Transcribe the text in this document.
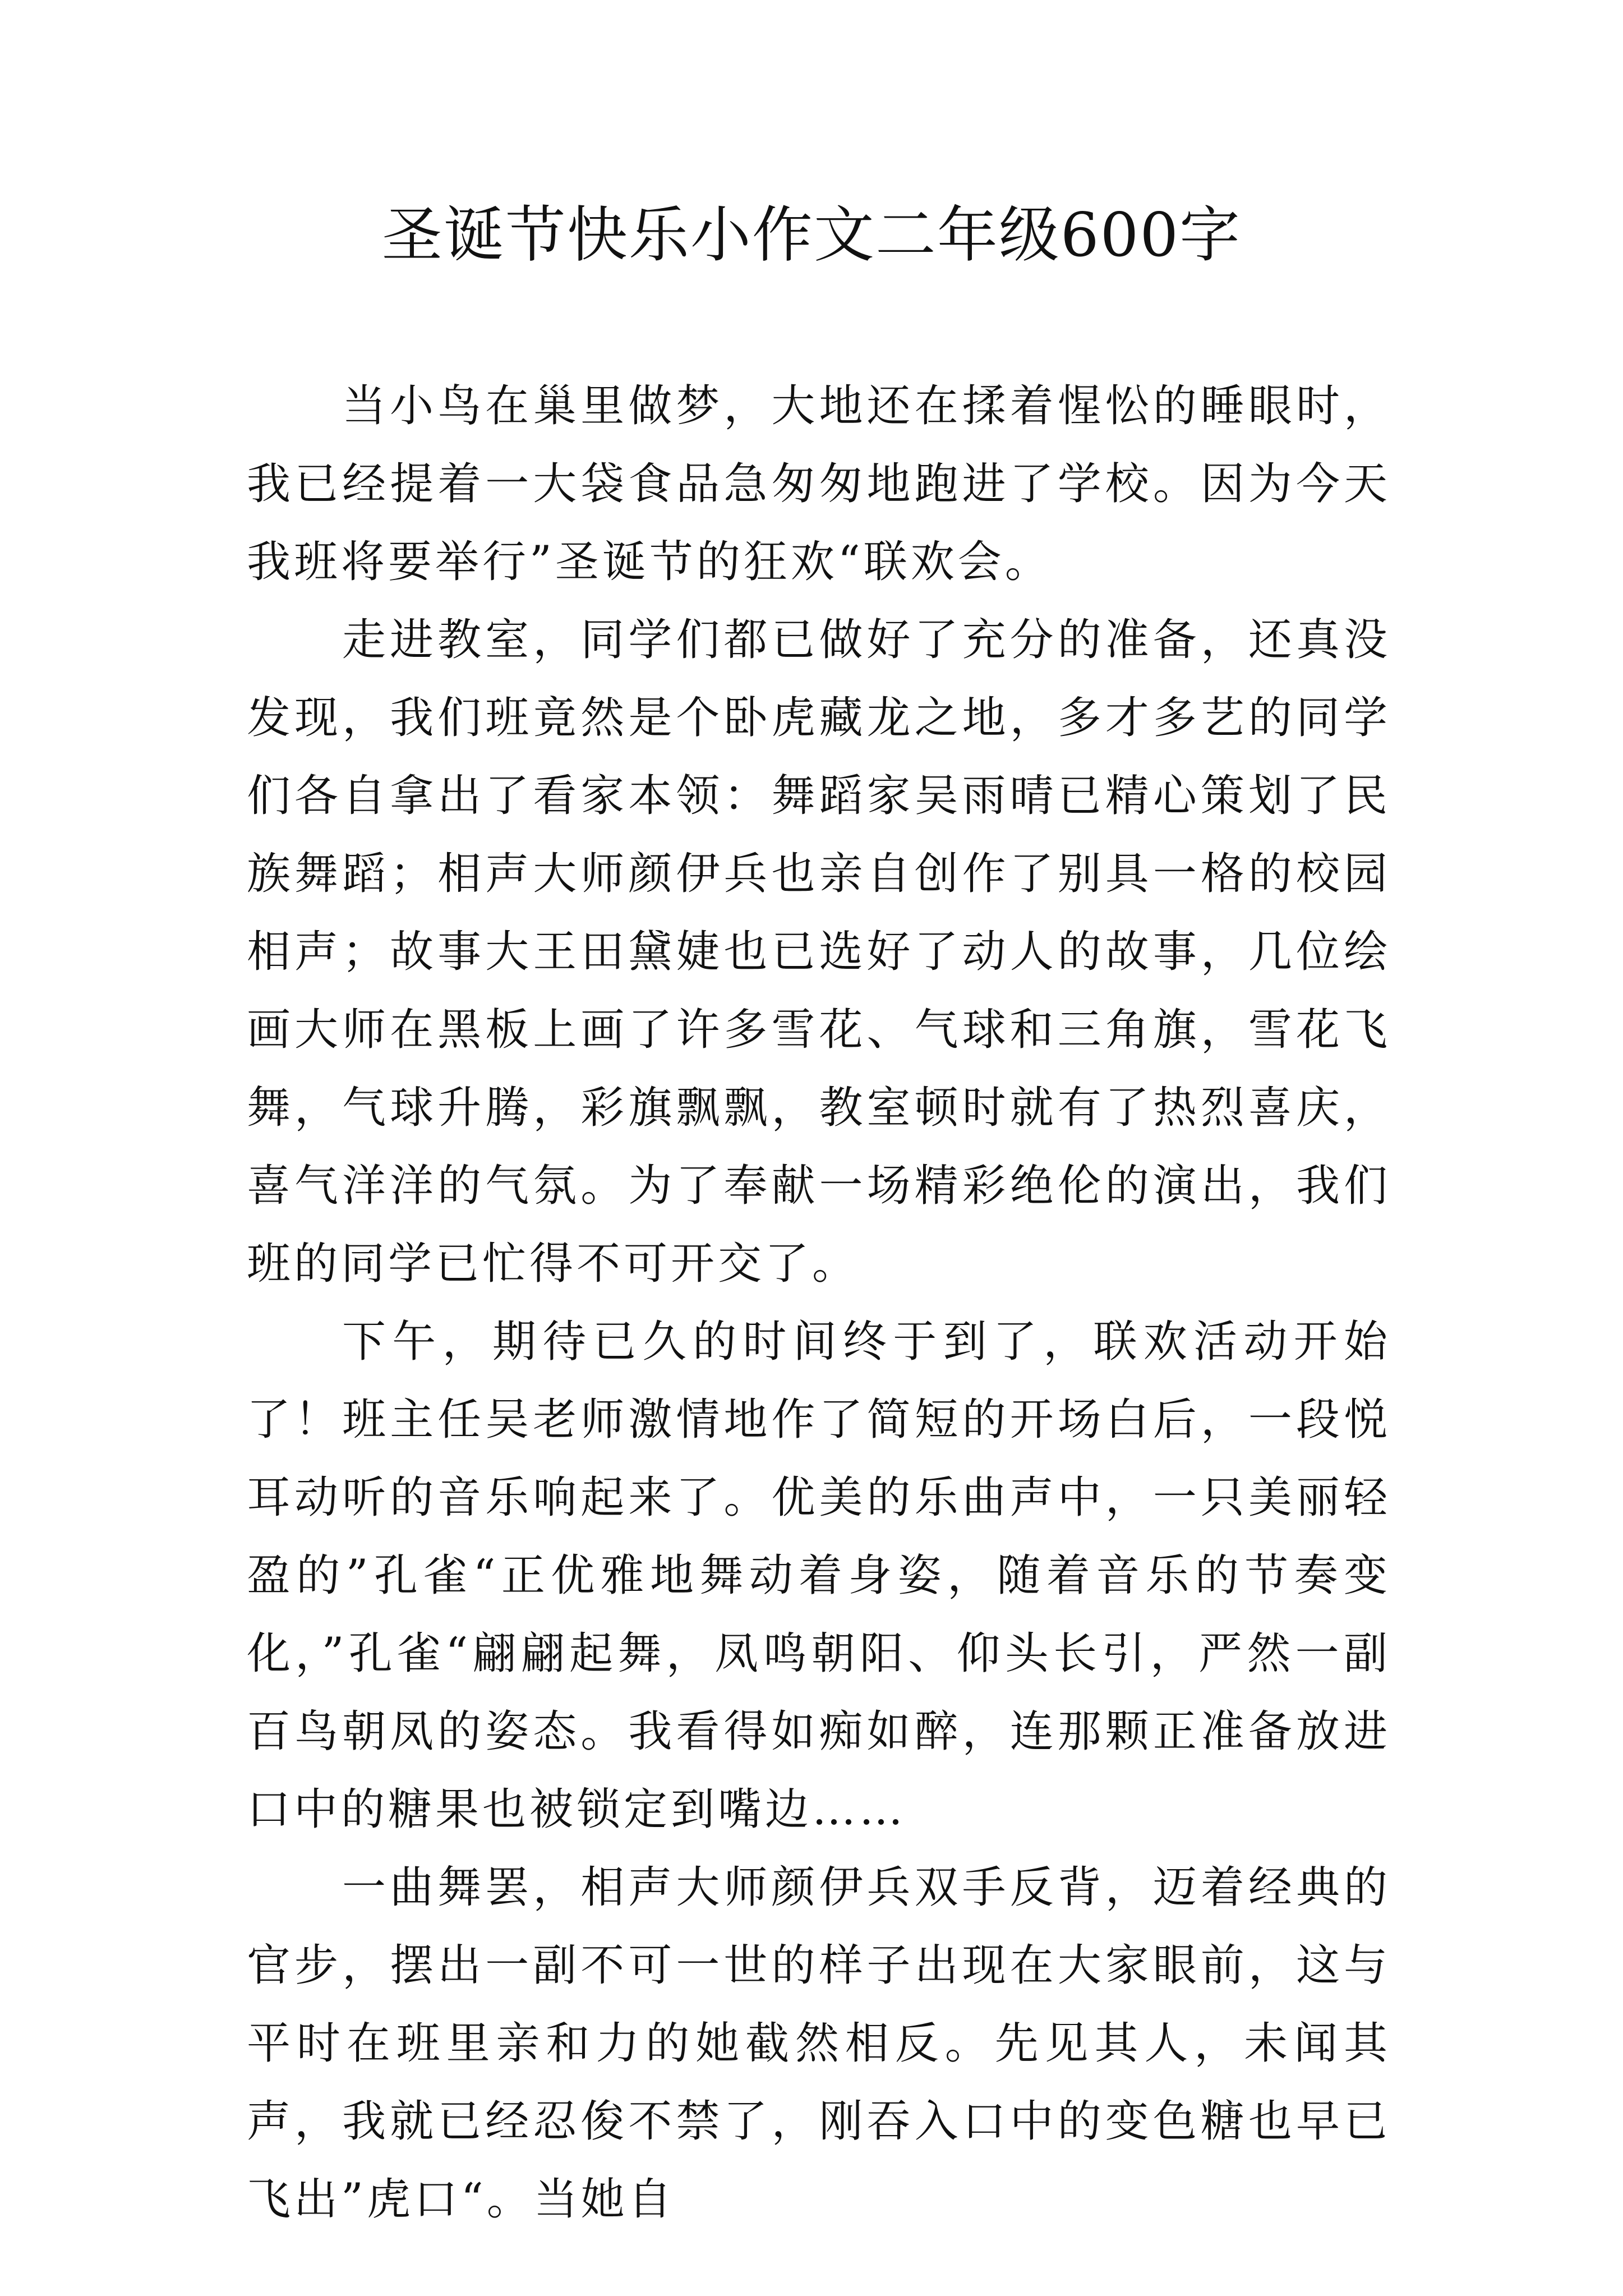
圣诞节快乐小作文二年级600字

当小鸟在巢里做梦，大地还在揉着惺忪的睡眼时，我已经提着一大袋食品急匆匆地跑进了学校。因为今天我班将要举行”圣诞节的狂欢“联欢会。

走进教室，同学们都已做好了充分的准备，还真没发现，我们班竟然是个卧虎藏龙之地，多才多艺的同学们各自拿出了看家本领：舞蹈家吴雨晴已精心策划了民族舞蹈；相声大师颜伊兵也亲自创作了别具一格的校园相声；故事大王田黛婕也已选好了动人的故事，几位绘画大师在黑板上画了许多雪花、气球和三角旗，雪花飞舞，气球升腾，彩旗飘飘，教室顿时就有了热烈喜庆，喜气洋洋的气氛。为了奉献一场精彩绝伦的演出，我们班的同学已忙得不可开交了。

下午，期待已久的时间终于到了，联欢活动开始了！班主任吴老师激情地作了简短的开场白后，一段悦耳动听的音乐响起来了。优美的乐曲声中，一只美丽轻盈的”孔雀“正优雅地舞动着身姿，随着音乐的节奏变化，”孔雀“翩翩起舞，凤鸣朝阳、仰头长引，严然一副百鸟朝凤的姿态。我看得如痴如醉，连那颗正准备放进口中的糖果也被锁定到嘴边……

一曲舞罢，相声大师颜伊兵双手反背，迈着经典的官步，摆出一副不可一世的样子出现在大家眼前，这与平时在班里亲和力的她截然相反。先见其人，未闻其声，我就已经忍俊不禁了，刚吞入口中的变色糖也早已飞出”虎口“。当她自
